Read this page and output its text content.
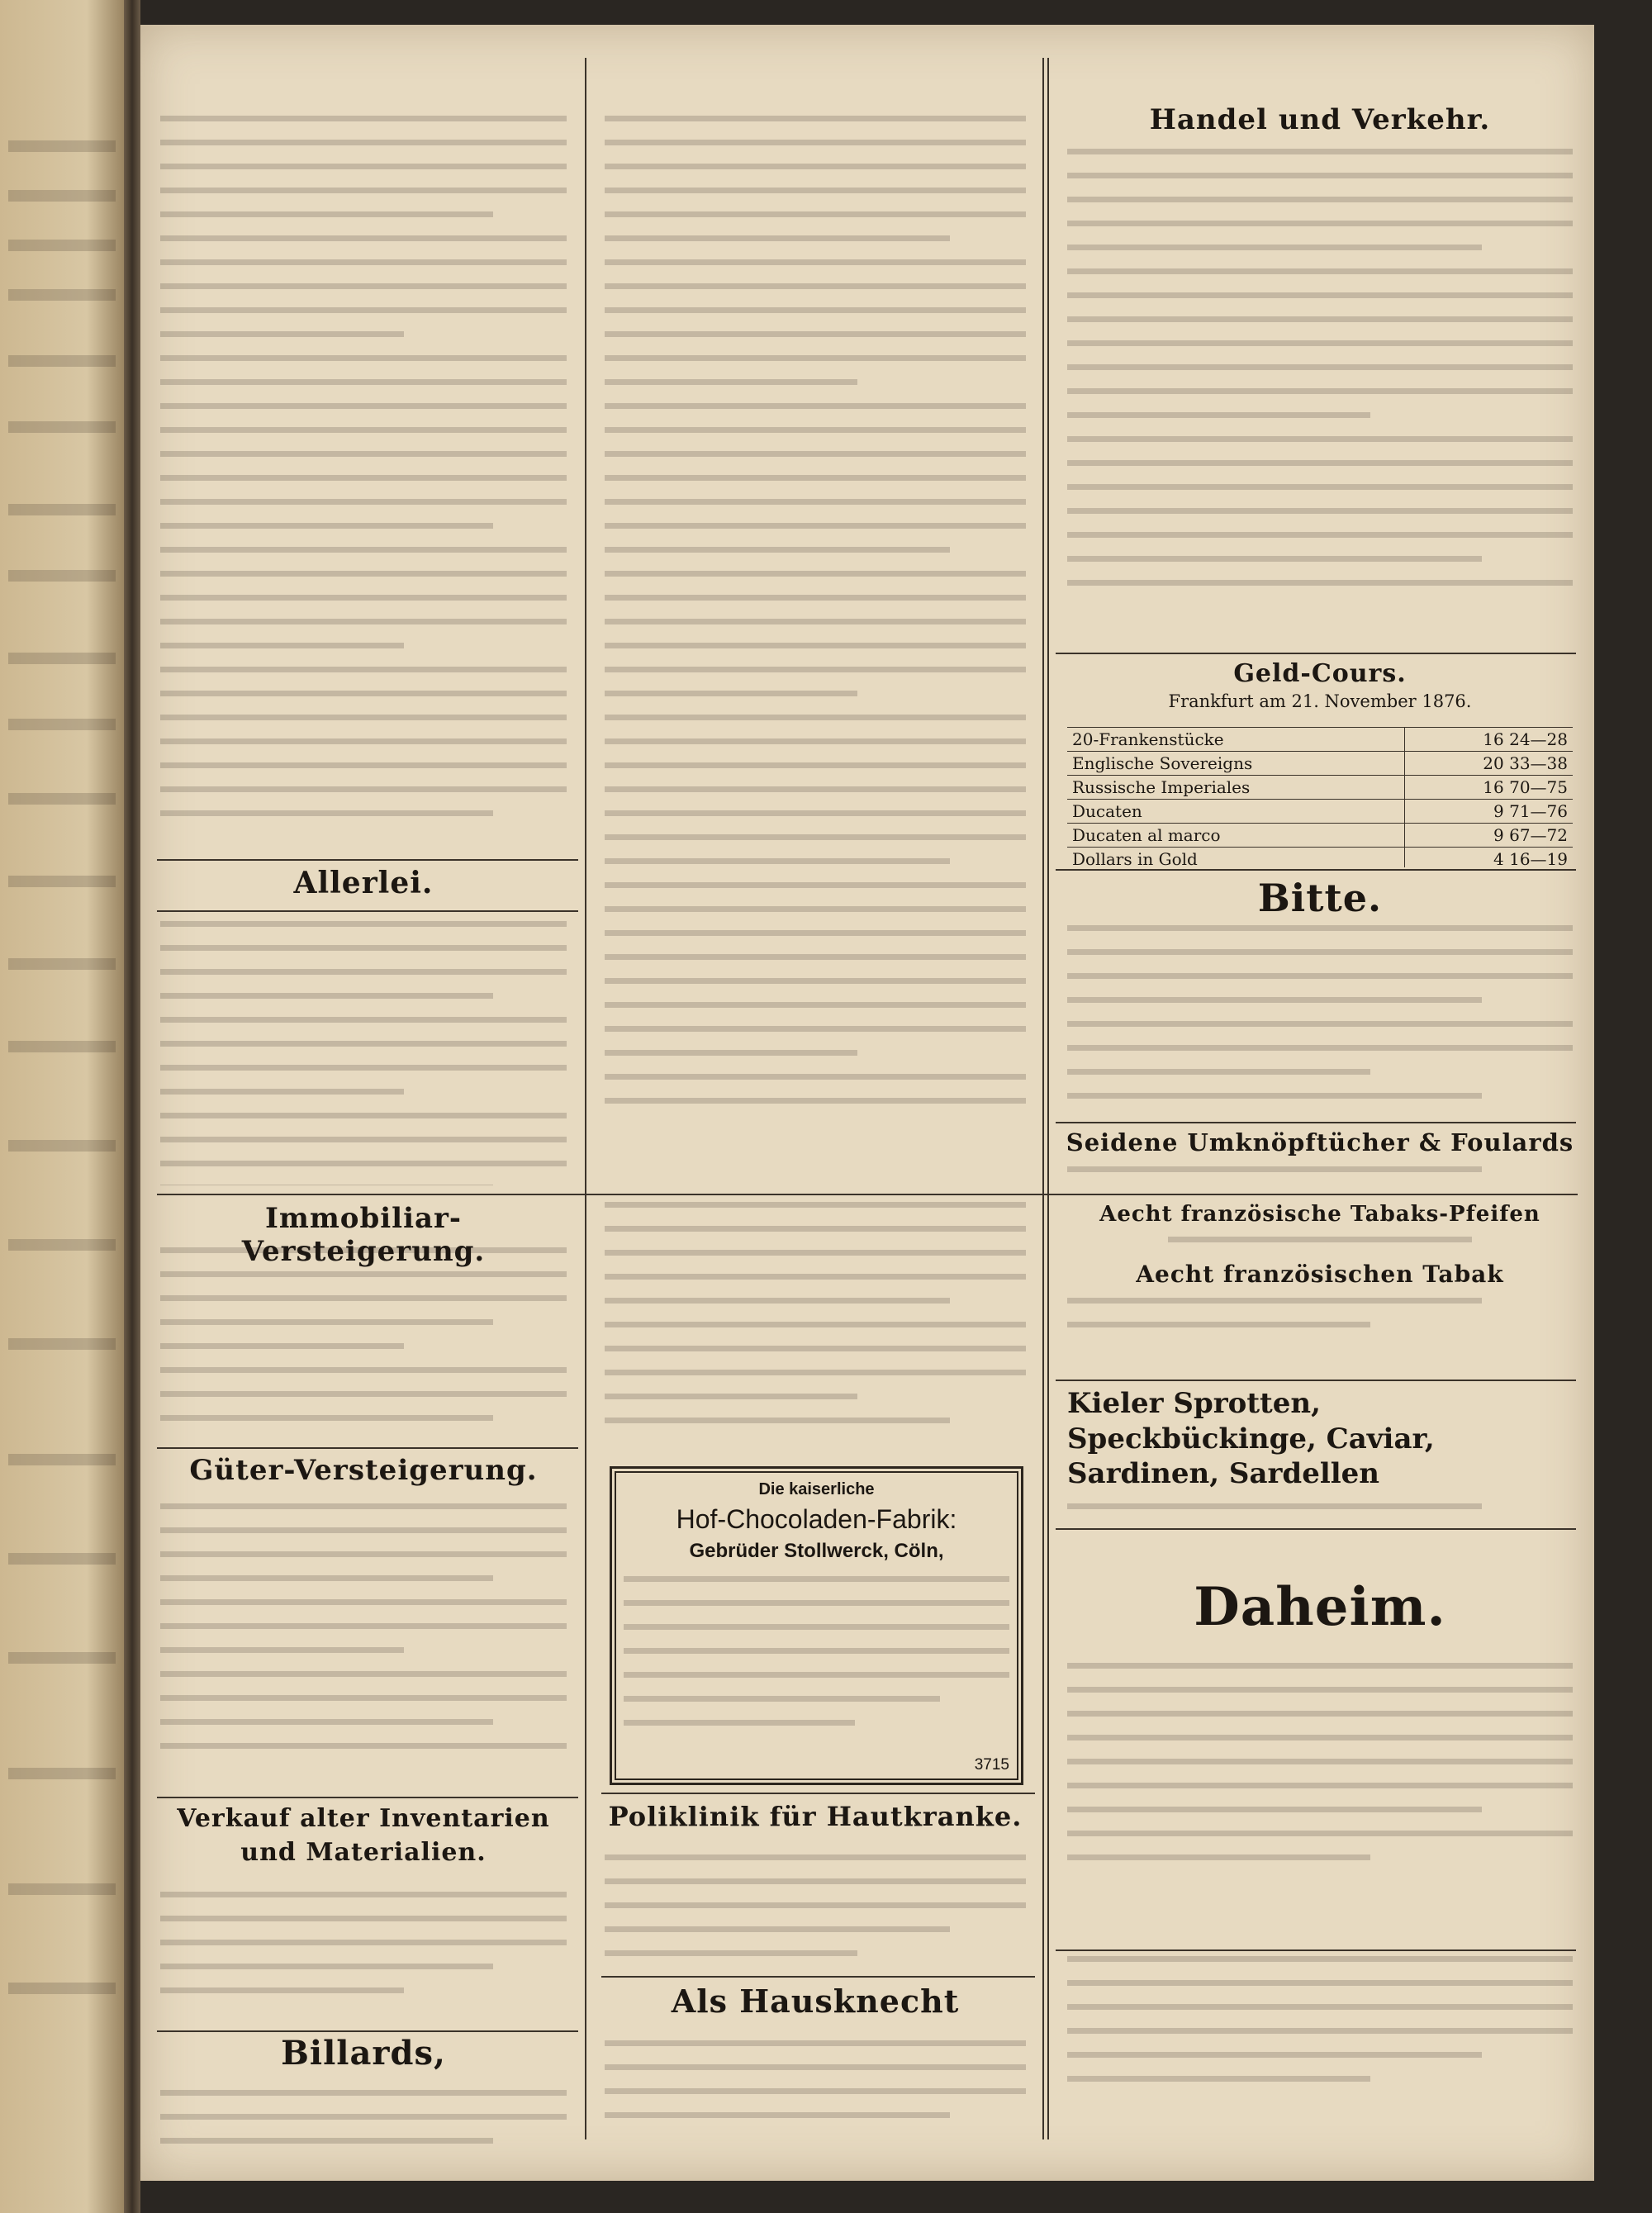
Allerlei.
Handel und Verkehr.
Geld-Cours.
Frankfurt am 21. November 1876.
20-Frankenstücke	16 24—28
Englische Sovereigns	20 33—38
Russische Imperiales	16 70—75
Ducaten	9 71—76
Ducaten al marco	9 67—72
Dollars in Gold	4 16—19
Bitte.
Seidene Umknöpftücher & Foulards
Immobiliar-Versteigerung.
Güter-Versteigerung.
Verkauf alter Inventarien und Materialien.
Billards,
Die kaiserliche
Hof-Chocoladen-Fabrik:
Gebrüder Stollwerck, Cöln,
3715
Poliklinik für Hautkranke.
Als Hausknecht
Aecht französische Tabaks-Pfeifen
Aecht französischen Tabak
Kieler Sprotten, Speckbückinge, Caviar, Sardinen, Sardellen
Daheim.
